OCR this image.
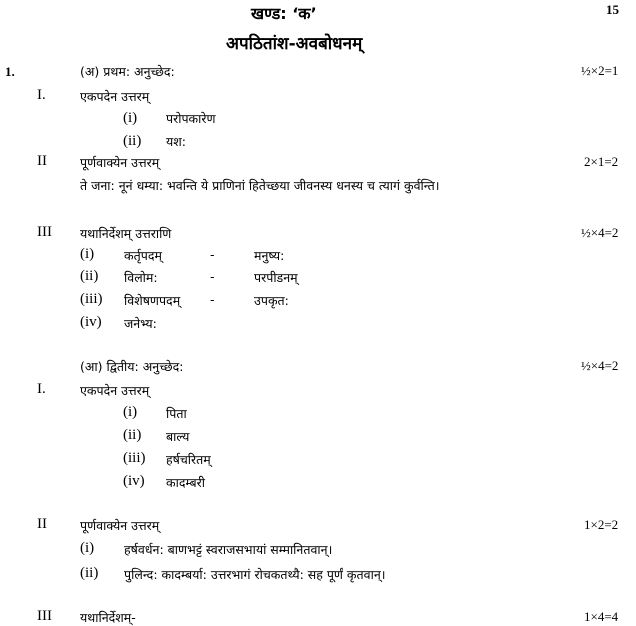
खण्ड: ‘क’	15
अपठितांश-अवबोधनम्
1.	(अ) प्रथम: अनुच्छेद:	½×2=1
I.	एकपदेन उत्तरम्
(i) परोपकारेण
(ii) यश:
II	पूर्णवाक्येन उत्तरम्	2×1=2
ते जना: नूनं धम्या: भवन्ति ये प्राणिनां हितेच्छया जीवनस्य धनस्य च त्यागं कुर्वन्ति।
III यथानिर्देशम् उत्तराणि	½×4=2
(i) कर्तृपदम्	-	मनुष्य:
(ii) विलोम:	-	परपीडनम्
(iii) विशेषणपदम् -	उपकृत:
(iv) जनेभ्य:
(आ) द्वितीय: अनुच्छेद:	½×4=2
I.	एकपदेन उत्तरम्
(i) पिता
(ii) बाल्य
(iii) हर्षचरितम्
(iv) कादम्बरी
II	पूर्णवाक्येन उत्तरम्	1×2=2
(i) हर्षवर्धन: बाणभट्टं स्वराजसभायां सम्मानितवान्।
(ii) पुलिन्द: कादम्बर्या: उत्तरभागं रोचकतथ्यै: सह पूर्णं कृतवान्।
III यथानिर्देशम्-	1×4=4
